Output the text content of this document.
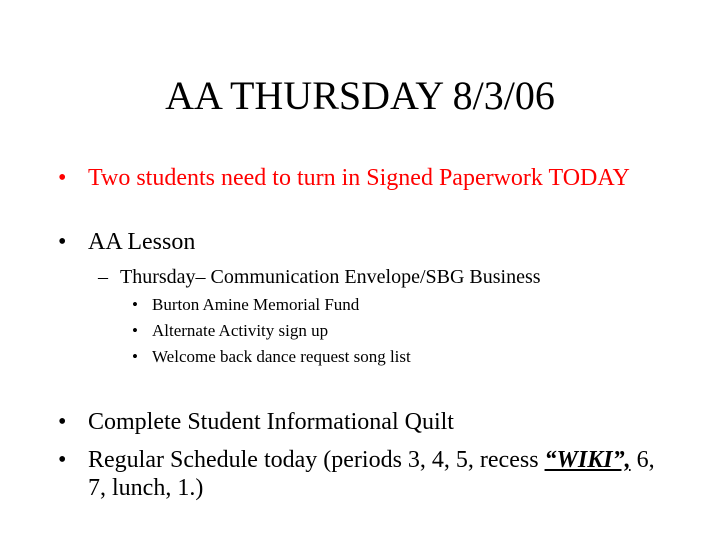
AA THURSDAY 8/3/06
• Two students need to turn in Signed Paperwork TODAY
• AA Lesson
– Thursday– Communication Envelope/SBG Business
• Burton Amine Memorial Fund
• Alternate Activity sign up
• Welcome back dance request song list
• Complete Student Informational Quilt
• Regular Schedule today (periods 3, 4, 5, recess “WIKI”, 6, 7, lunch, 1.)
